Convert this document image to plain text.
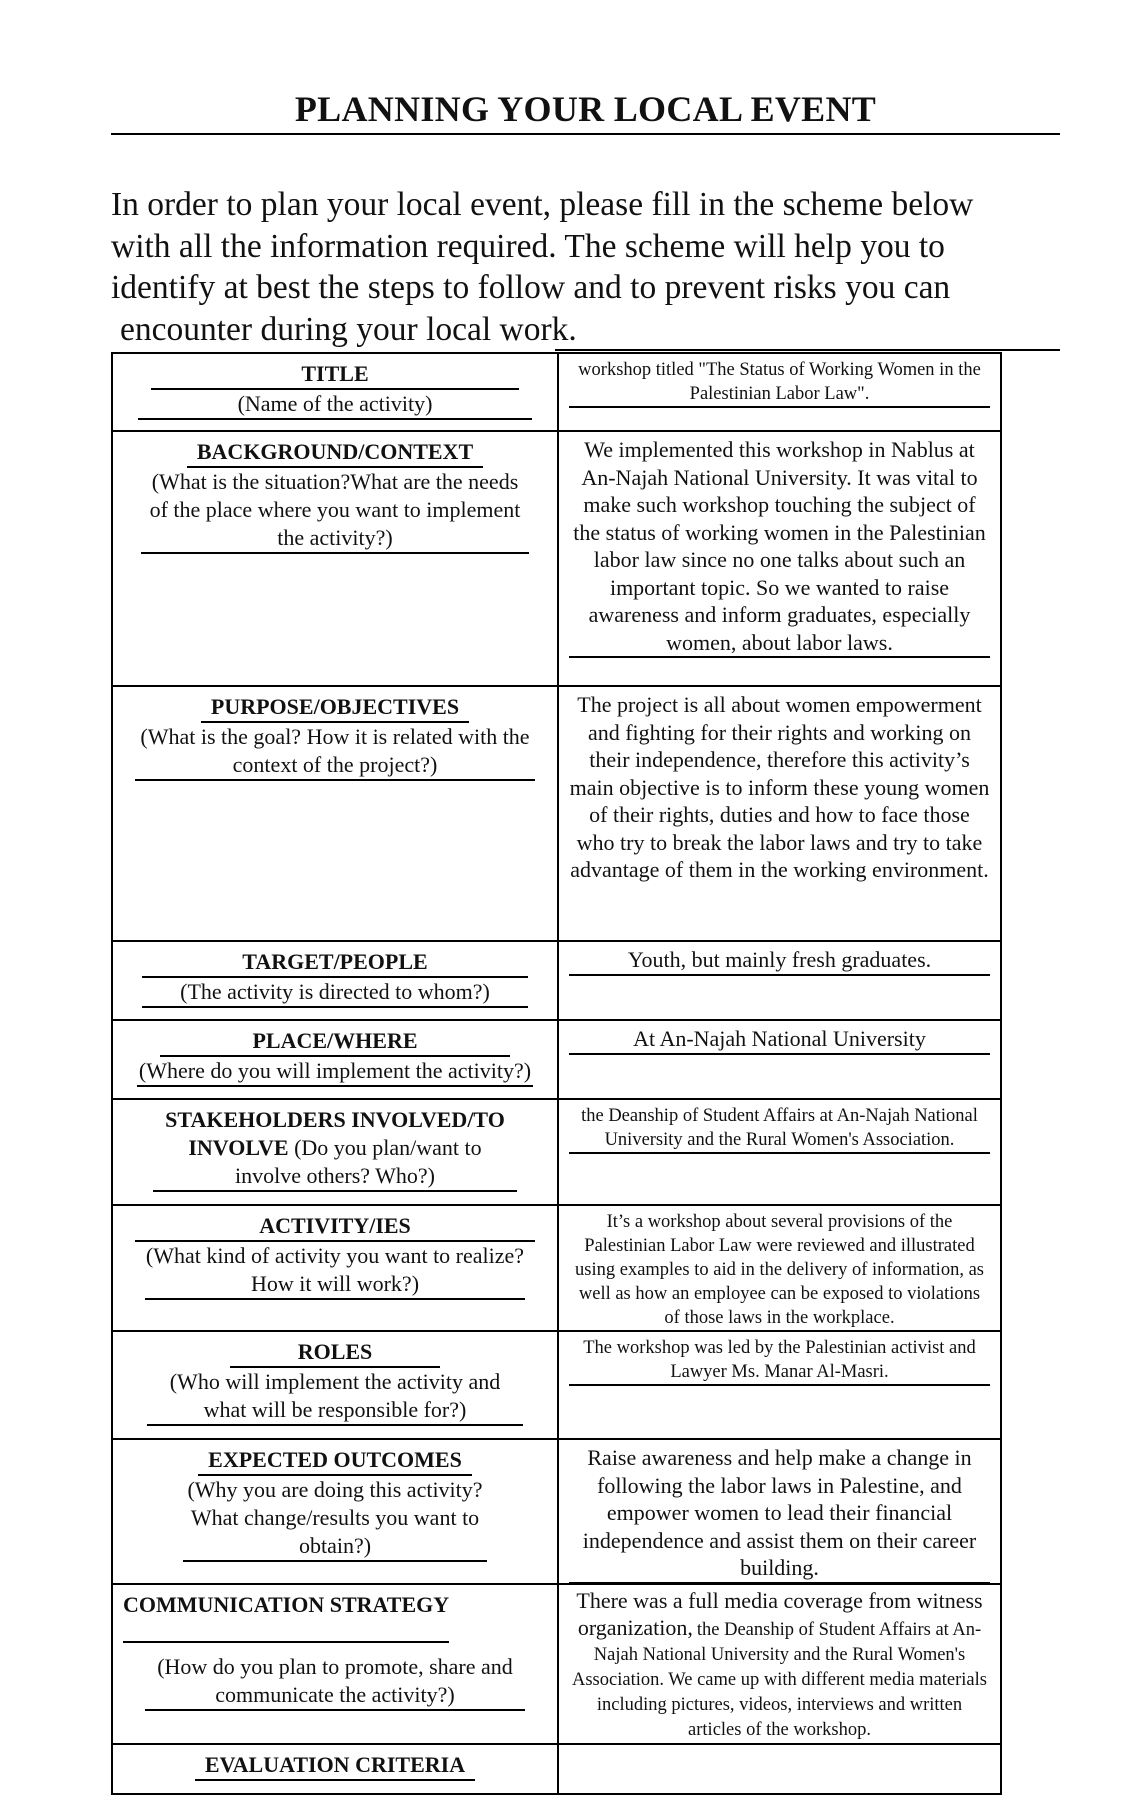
PLANNING YOUR LOCAL EVENT

In order to plan your local event, please fill in the scheme below
with all the information required. The scheme will help you to
identify at best the steps to follow and to prevent risks you can
encounter during your local work.

TITLE
(Name of the activity)
workshop titled "The Status of Working Women in the Palestinian Labor Law".
BACKGROUND/CONTEXT
(What is the situation?What are the needs of the place where you want to implement the activity?)
We implemented this workshop in Nablus at An-Najah National University. It was vital to make such workshop touching the subject of the status of working women in the Palestinian labor law since no one talks about such an important topic. So we wanted to raise awareness and inform graduates, especially women, about labor laws.
PURPOSE/OBJECTIVES
(What is the goal? How it is related with the context of the project?)
The project is all about women empowerment and fighting for their rights and working on their independence, therefore this activity’s main objective is to inform these young women of their rights, duties and how to face those who try to break the labor laws and try to take advantage of them in the working environment.
TARGET/PEOPLE
(The activity is directed to whom?)
Youth, but mainly fresh graduates.
PLACE/WHERE
(Where do you will implement the activity?)
At An-Najah National University
STAKEHOLDERS INVOLVED/TO INVOLVE (Do you plan/want to involve others? Who?)
the Deanship of Student Affairs at An-Najah National University and the Rural Women's Association.
ACTIVITY/IES
(What kind of activity you want to realize? How it will work?)
It’s a workshop about several provisions of the Palestinian Labor Law were reviewed and illustrated using examples to aid in the delivery of information, as well as how an employee can be exposed to violations of those laws in the workplace.
ROLES
(Who will implement the activity and what will be responsible for?)
The workshop was led by the Palestinian activist and Lawyer Ms. Manar Al-Masri.
EXPECTED OUTCOMES
(Why you are doing this activity? What change/results you want to obtain?)
Raise awareness and help make a change in following the labor laws in Palestine, and empower women to lead their financial independence and assist them on their career building.
COMMUNICATION STRATEGY
(How do you plan to promote, share and communicate the activity?)
There was a full media coverage from witness organization, the Deanship of Student Affairs at An-Najah National University and the Rural Women's Association. We came up with different media materials including pictures, videos, interviews and written articles of the workshop.
EVALUATION CRITERIA
